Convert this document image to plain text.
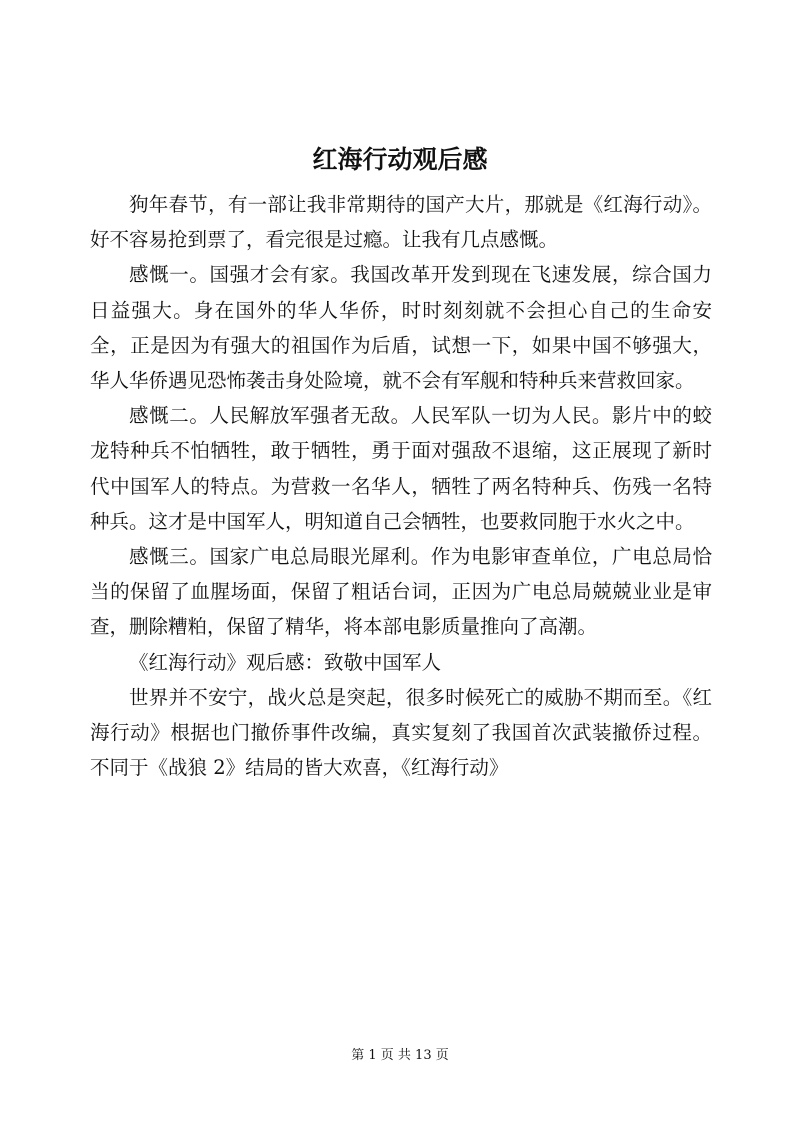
红海行动观后感

狗年春节，有一部让我非常期待的国产大片，那就是《红海行动》。好不容易抢到票了，看完很是过瘾。让我有几点感慨。

感慨一。国强才会有家。我国改革开发到现在飞速发展，综合国力日益强大。身在国外的华人华侨，时时刻刻就不会担心自己的生命安全，正是因为有强大的祖国作为后盾，试想一下，如果中国不够强大，华人华侨遇见恐怖袭击身处险境，就不会有军舰和特种兵来营救回家。

感慨二。人民解放军强者无敌。人民军队一切为人民。影片中的蛟龙特种兵不怕牺牲，敢于牺牲，勇于面对强敌不退缩，这正展现了新时代中国军人的特点。为营救一名华人，牺牲了两名特种兵、伤残一名特种兵。这才是中国军人，明知道自己会牺牲，也要救同胞于水火之中。

感慨三。国家广电总局眼光犀利。作为电影审查单位，广电总局恰当的保留了血腥场面，保留了粗话台词，正因为广电总局兢兢业业是审查，删除糟粕，保留了精华，将本部电影质量推向了高潮。

《红海行动》观后感：致敬中国军人

世界并不安宁，战火总是突起，很多时候死亡的威胁不期而至。《红海行动》根据也门撤侨事件改编，真实复刻了我国首次武装撤侨过程。不同于《战狼 2》结局的皆大欢喜，《红海行动》

第 1 页 共 13 页
